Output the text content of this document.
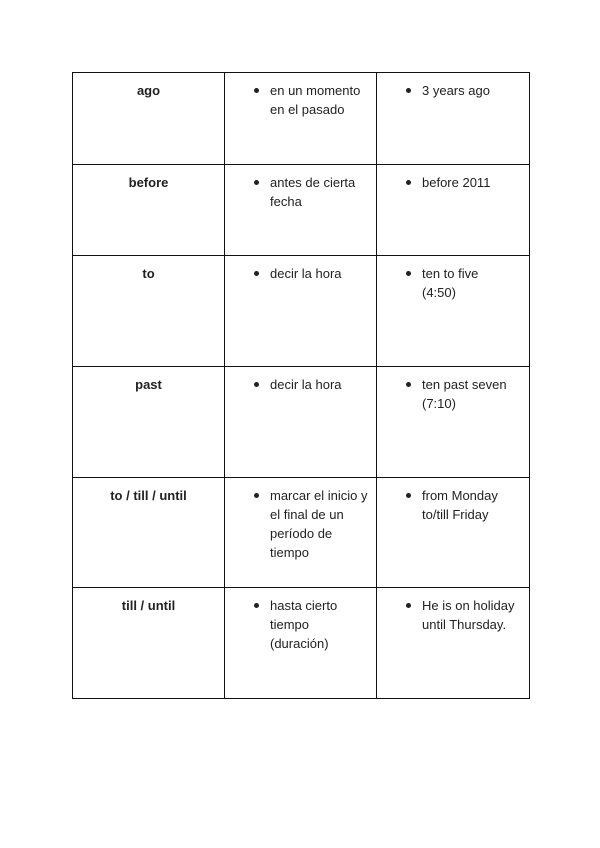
ago	en un momento en el pasado	3 years ago

before	antes de cierta fecha	before 2011

to	decir la hora	ten to five (4:50)

past	decir la hora	ten past seven (7:10)

to / till / until	marcar el inicio y el final de un período de tiempo	from Monday to/till Friday

till / until	hasta cierto tiempo (duración)	He is on holiday until Thursday.
